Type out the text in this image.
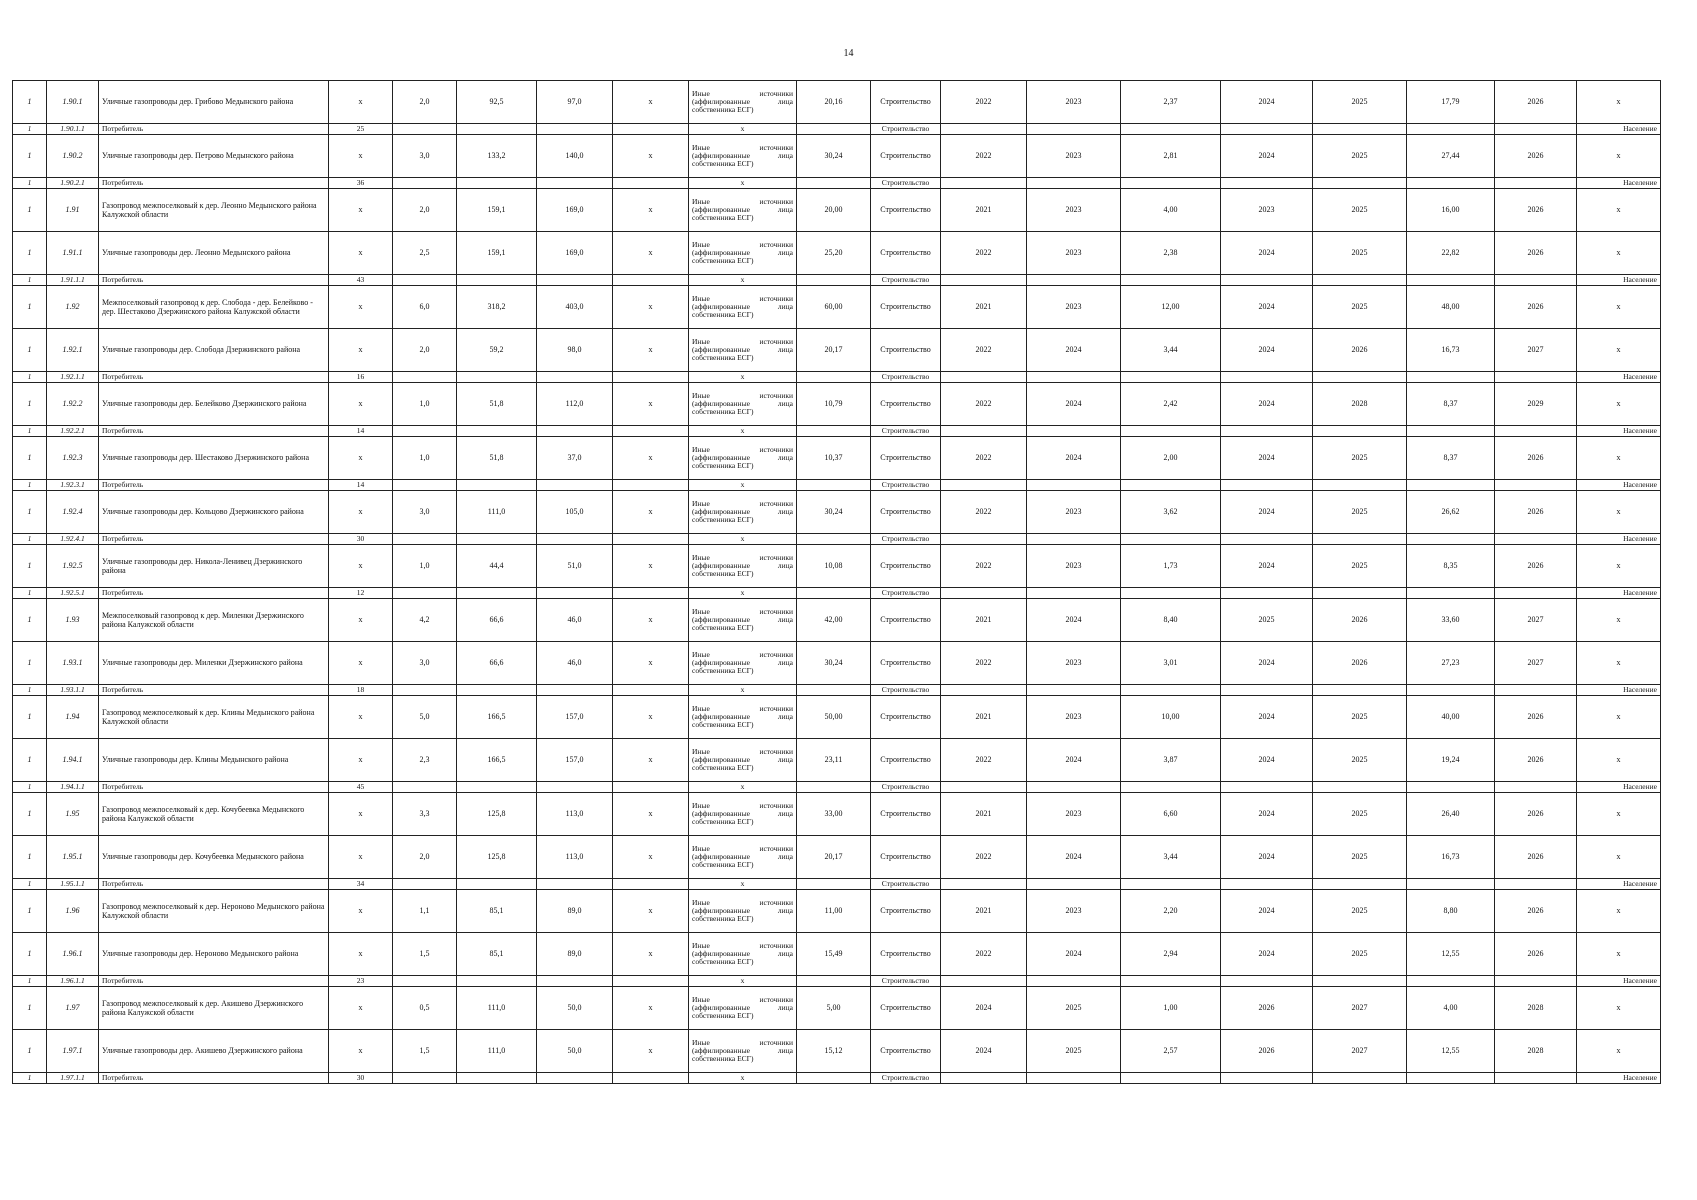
14
1	1.90.1	Уличные газопроводы дер. Грибово Медынского района	x	2,0	92,5	97,0	x	Иные источники (аффилированные лица собственника ЕСГ)	20,16	Строительство	2022	2023	2,37	2024	2025	17,79	2026	x
1	1.90.1.1	Потребитель	25					x		Строительство								Население
1	1.90.2	Уличные газопроводы дер. Петрово Медынского района	x	3,0	133,2	140,0	x	Иные источники (аффилированные лица собственника ЕСГ)	30,24	Строительство	2022	2023	2,81	2024	2025	27,44	2026	x
1	1.90.2.1	Потребитель	36					x		Строительство								Население
1	1.91	Газопровод межпоселковый к дер. Леонно Медынского района Калужской области	x	2,0	159,1	169,0	x	Иные источники (аффилированные лица собственника ЕСГ)	20,00	Строительство	2021	2023	4,00	2023	2025	16,00	2026	x
1	1.91.1	Уличные газопроводы дер. Леонно Медынского района	x	2,5	159,1	169,0	x	Иные источники (аффилированные лица собственника ЕСГ)	25,20	Строительство	2022	2023	2,38	2024	2025	22,82	2026	x
1	1.91.1.1	Потребитель	43					x		Строительство								Население
1	1.92	Межпоселковый газопровод к дер. Слобода - дер. Белейково - дер. Шестаково Дзержинского района Калужской области	x	6,0	318,2	403,0	x	Иные источники (аффилированные лица собственника ЕСГ)	60,00	Строительство	2021	2023	12,00	2024	2025	48,00	2026	x
1	1.92.1	Уличные газопроводы дер. Слобода Дзержинского района	x	2,0	59,2	98,0	x	Иные источники (аффилированные лица собственника ЕСГ)	20,17	Строительство	2022	2024	3,44	2024	2026	16,73	2027	x
1	1.92.1.1	Потребитель	16					x		Строительство								Население
1	1.92.2	Уличные газопроводы дер. Белейково Дзержинского района	x	1,0	51,8	112,0	x	Иные источники (аффилированные лица собственника ЕСГ)	10,79	Строительство	2022	2024	2,42	2024	2028	8,37	2029	x
1	1.92.2.1	Потребитель	14					x		Строительство								Население
1	1.92.3	Уличные газопроводы дер. Шестаково Дзержинского района	x	1,0	51,8	37,0	x	Иные источники (аффилированные лица собственника ЕСГ)	10,37	Строительство	2022	2024	2,00	2024	2025	8,37	2026	x
1	1.92.3.1	Потребитель	14					x		Строительство								Население
1	1.92.4	Уличные газопроводы дер. Кольцово Дзержинского района	x	3,0	111,0	105,0	x	Иные источники (аффилированные лица собственника ЕСГ)	30,24	Строительство	2022	2023	3,62	2024	2025	26,62	2026	x
1	1.92.4.1	Потребитель	30					x		Строительство								Население
1	1.92.5	Уличные газопроводы дер. Никола-Ленивец Дзержинского района	x	1,0	44,4	51,0	x	Иные источники (аффилированные лица собственника ЕСГ)	10,08	Строительство	2022	2023	1,73	2024	2025	8,35	2026	x
1	1.92.5.1	Потребитель	12					x		Строительство								Население
1	1.93	Межпоселковый газопровод к дер. Миленки Дзержинского района Калужской области	x	4,2	66,6	46,0	x	Иные источники (аффилированные лица собственника ЕСГ)	42,00	Строительство	2021	2024	8,40	2025	2026	33,60	2027	x
1	1.93.1	Уличные газопроводы дер. Миленки Дзержинского района	x	3,0	66,6	46,0	x	Иные источники (аффилированные лица собственника ЕСГ)	30,24	Строительство	2022	2023	3,01	2024	2026	27,23	2027	x
1	1.93.1.1	Потребитель	18					x		Строительство								Население
1	1.94	Газопровод межпоселковый к дер. Клины Медынского района Калужской области	x	5,0	166,5	157,0	x	Иные источники (аффилированные лица собственника ЕСГ)	50,00	Строительство	2021	2023	10,00	2024	2025	40,00	2026	x
1	1.94.1	Уличные газопроводы дер. Клины Медынского района	x	2,3	166,5	157,0	x	Иные источники (аффилированные лица собственника ЕСГ)	23,11	Строительство	2022	2024	3,87	2024	2025	19,24	2026	x
1	1.94.1.1	Потребитель	45					x		Строительство								Население
1	1.95	Газопровод межпоселковый к дер. Кочубеевка Медынского района Калужской области	x	3,3	125,8	113,0	x	Иные источники (аффилированные лица собственника ЕСГ)	33,00	Строительство	2021	2023	6,60	2024	2025	26,40	2026	x
1	1.95.1	Уличные газопроводы дер. Кочубеевка Медынского района	x	2,0	125,8	113,0	x	Иные источники (аффилированные лица собственника ЕСГ)	20,17	Строительство	2022	2024	3,44	2024	2025	16,73	2026	x
1	1.95.1.1	Потребитель	34					x		Строительство								Население
1	1.96	Газопровод межпоселковый к дер. Нероново Медынского района Калужской области	x	1,1	85,1	89,0	x	Иные источники (аффилированные лица собственника ЕСГ)	11,00	Строительство	2021	2023	2,20	2024	2025	8,80	2026	x
1	1.96.1	Уличные газопроводы дер. Нероново Медынского района	x	1,5	85,1	89,0	x	Иные источники (аффилированные лица собственника ЕСГ)	15,49	Строительство	2022	2024	2,94	2024	2025	12,55	2026	x
1	1.96.1.1	Потребитель	23					x		Строительство								Население
1	1.97	Газопровод межпоселковый к дер. Акишево Дзержинского района Калужской области	x	0,5	111,0	50,0	x	Иные источники (аффилированные лица собственника ЕСГ)	5,00	Строительство	2024	2025	1,00	2026	2027	4,00	2028	x
1	1.97.1	Уличные газопроводы дер. Акишево Дзержинского района	x	1,5	111,0	50,0	x	Иные источники (аффилированные лица собственника ЕСГ)	15,12	Строительство	2024	2025	2,57	2026	2027	12,55	2028	x
1	1.97.1.1	Потребитель	30					x		Строительство								Население
